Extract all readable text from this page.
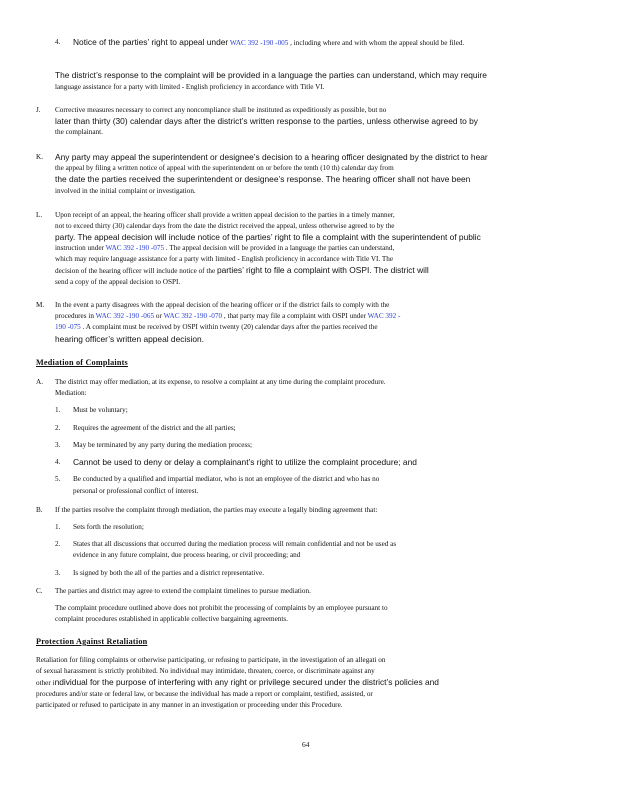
4. Notice of the parties’ right to appeal under WAC 392 -190 -005 , including where and with whom the appeal should be filed.
The district’s response to the complaint will be provided in a language the parties can understand, which may require
language assistance for a party with limited - English proficiency in accordance with Title VI.
J. Corrective measures necessary to correct any noncompliance shall be instituted as expeditiously as possible, but no
later than thirty (30) calendar days after the district’s written response to the parties, unless otherwise agreed to by
the complainant.
K. Any party may appeal the superintendent or designee’s decision to a hearing officer designated by the district to hear
the appeal by filing a written notice of appeal with the superintendent on or before the tenth (10 th) calendar day from
the date the parties received the superintendent or designee’s response. The hearing officer shall not have been
involved in the initial complaint or investigation.
L. Upon receipt of an appeal, the hearing officer shall provide a written appeal decision to the parties in a timely manner,
not to exceed thirty (30) calendar days from the date the district received the appeal, unless otherwise agreed to by the
party. The appeal decision will include notice of the parties’ right to file a complaint with the superintendent of public
instruction under WAC 392 -190 -075 . The appeal decision will be provided in a language the parties can understand,
which may require language assistance for a party with limited - English proficiency in accordance with Title VI. The
decision of the hearing officer will include notice of the parties’ right to file a complaint with OSPI. The district will
send a copy of the appeal decision to OSPI.
M. In the event a party disagrees with the appeal decision of the hearing officer or if the district fails to comply with the
procedures in WAC 392 -190 -065 or WAC 392 -190 -070 , that party may file a complaint with OSPI under WAC 392 -
190 -075 . A complaint must be received by OSPI within twenty (20) calendar days after the parties received the
hearing officer’s written appeal decision.
Mediation of Complaints
A. The district may offer mediation, at its expense, to resolve a complaint at any time during the complaint procedure.
Mediation:
1. Must be voluntary;
2. Requires the agreement of the district and the all parties;
3. May be terminated by any party during the mediation process;
4. Cannot be used to deny or delay a complainant’s right to utilize the complaint procedure; and
5. Be conducted by a qualified and impartial mediator, who is not an employee of the district and who has no
personal or professional conflict of interest.
B. If the parties resolve the complaint through mediation, the parties may execute a legally binding agreement that:
1. Sets forth the resolution;
2. States that all discussions that occurred during the mediation process will remain confidential and not be used as
evidence in any future complaint, due process hearing, or civil proceeding; and
3. Is signed by both the all of the parties and a district representative.
C. The parties and district may agree to extend the complaint timelines to pursue mediation.
The complaint procedure outlined above does not prohibit the processing of complaints by an employee pursuant to
complaint procedures established in applicable collective bargaining agreements.
Protection Against Retaliation
Retaliation for filing complaints or otherwise participating, or refusing to participate, in the investigation of an allegati on
of sexual harassment is strictly prohibited. No individual may intimidate, threaten, coerce, or discriminate against any
other individual for the purpose of interfering with any right or privilege secured under the district’s policies and
procedures and/or state or federal law, or because the individual has made a report or complaint, testified, assisted, or
participated or refused to participate in any manner in an investigation or proceeding under this Procedure.
64
